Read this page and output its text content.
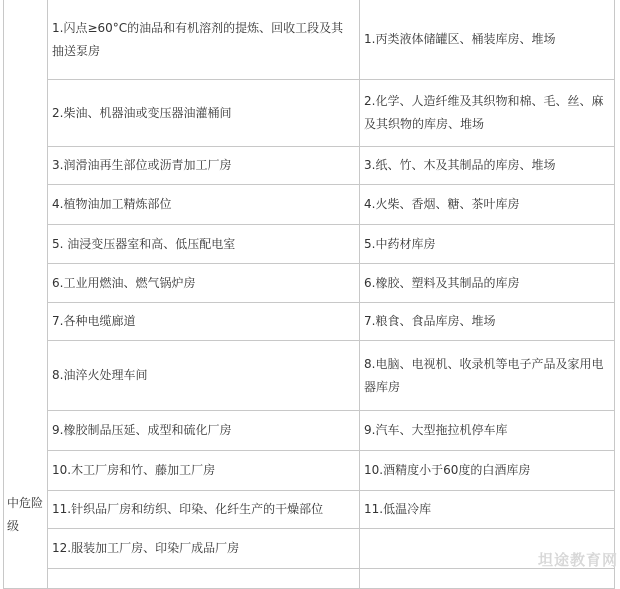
中危险级	1.闪点≥60°C的油品和有机溶剂的提炼、回收工段及其抽送泵房	1.丙类液体储罐区、桶装库房、堆场
	2.柴油、机器油或变压器油灌桶间	2.化学、人造纤维及其织物和棉、毛、丝、麻及其织物的库房、堆场
	3.润滑油再生部位或沥青加工厂房	3.纸、竹、木及其制品的库房、堆场
	4.植物油加工精炼部位	4.火柴、香烟、糖、茶叶库房
	5. 油浸变压器室和高、低压配电室	5.中药材库房
	6.工业用燃油、燃气锅炉房	6.橡胶、塑料及其制品的库房
	7.各种电缆廊道	7.粮食、食品库房、堆场
	8.油淬火处理车间	8.电脑、电视机、收录机等电子产品及家用电器库房
	9.橡胶制品压延、成型和硫化厂房	9.汽车、大型拖拉机停车库
	10.木工厂房和竹、藤加工厂房	10.酒精度小于60度的白酒库房
	11.针织品厂房和纺织、印染、化纤生产的干燥部位	11.低温冷库
	12.服装加工厂房、印染厂成品厂房	

坦途教育网
